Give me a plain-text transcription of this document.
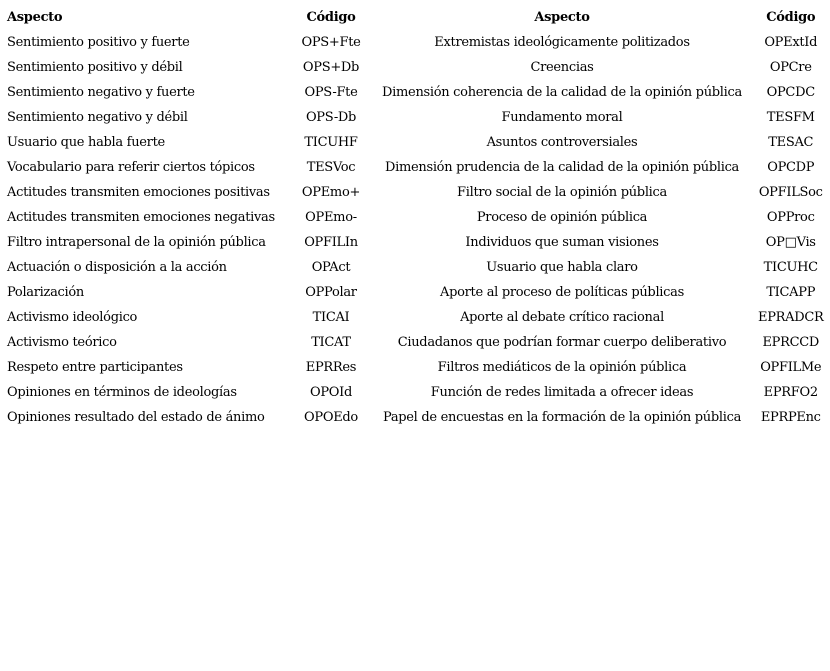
Aspecto	Código	Aspecto	Código
Sentimiento positivo y fuerte	OPS+Fte	Extremistas ideológicamente politizados	OPExtId
Sentimiento positivo y débil	OPS+Db	Creencias	OPCre
Sentimiento negativo y fuerte	OPS-Fte	Dimensión coherencia de la calidad de la opinión pública	OPCDC
Sentimiento negativo y débil	OPS-Db	Fundamento moral	TESFM
Usuario que habla fuerte	TICUHF	Asuntos controversiales	TESAC
Vocabulario para referir ciertos tópicos	TESVoc	Dimensión prudencia de la calidad de la opinión pública	OPCDP
Actitudes transmiten emociones positivas	OPEmo+	Filtro social de la opinión pública	OPFILSoc
Actitudes transmiten emociones negativas	OPEmo-	Proceso de opinión pública	OPProc
Filtro intrapersonal de la opinión pública	OPFILIn	Individuos que suman visiones	OP□Vis
Actuación o disposición a la acción	OPAct	Usuario que habla claro	TICUHC
Polarización	OPPolar	Aporte al proceso de políticas públicas	TICAPP
Activismo ideológico	TICAI	Aporte al debate crítico racional	EPRADCR
Activismo teórico	TICAT	Ciudadanos que podrían formar cuerpo deliberativo	EPRCCD
Respeto entre participantes	EPRRes	Filtros mediáticos de la opinión pública	OPFILMe
Opiniones en términos de ideologías	OPOId	Función de redes limitada a ofrecer ideas	EPRFO2
Opiniones resultado del estado de ánimo	OPOEdo	Papel de encuestas en la formación de la opinión pública	EPRPEnc
